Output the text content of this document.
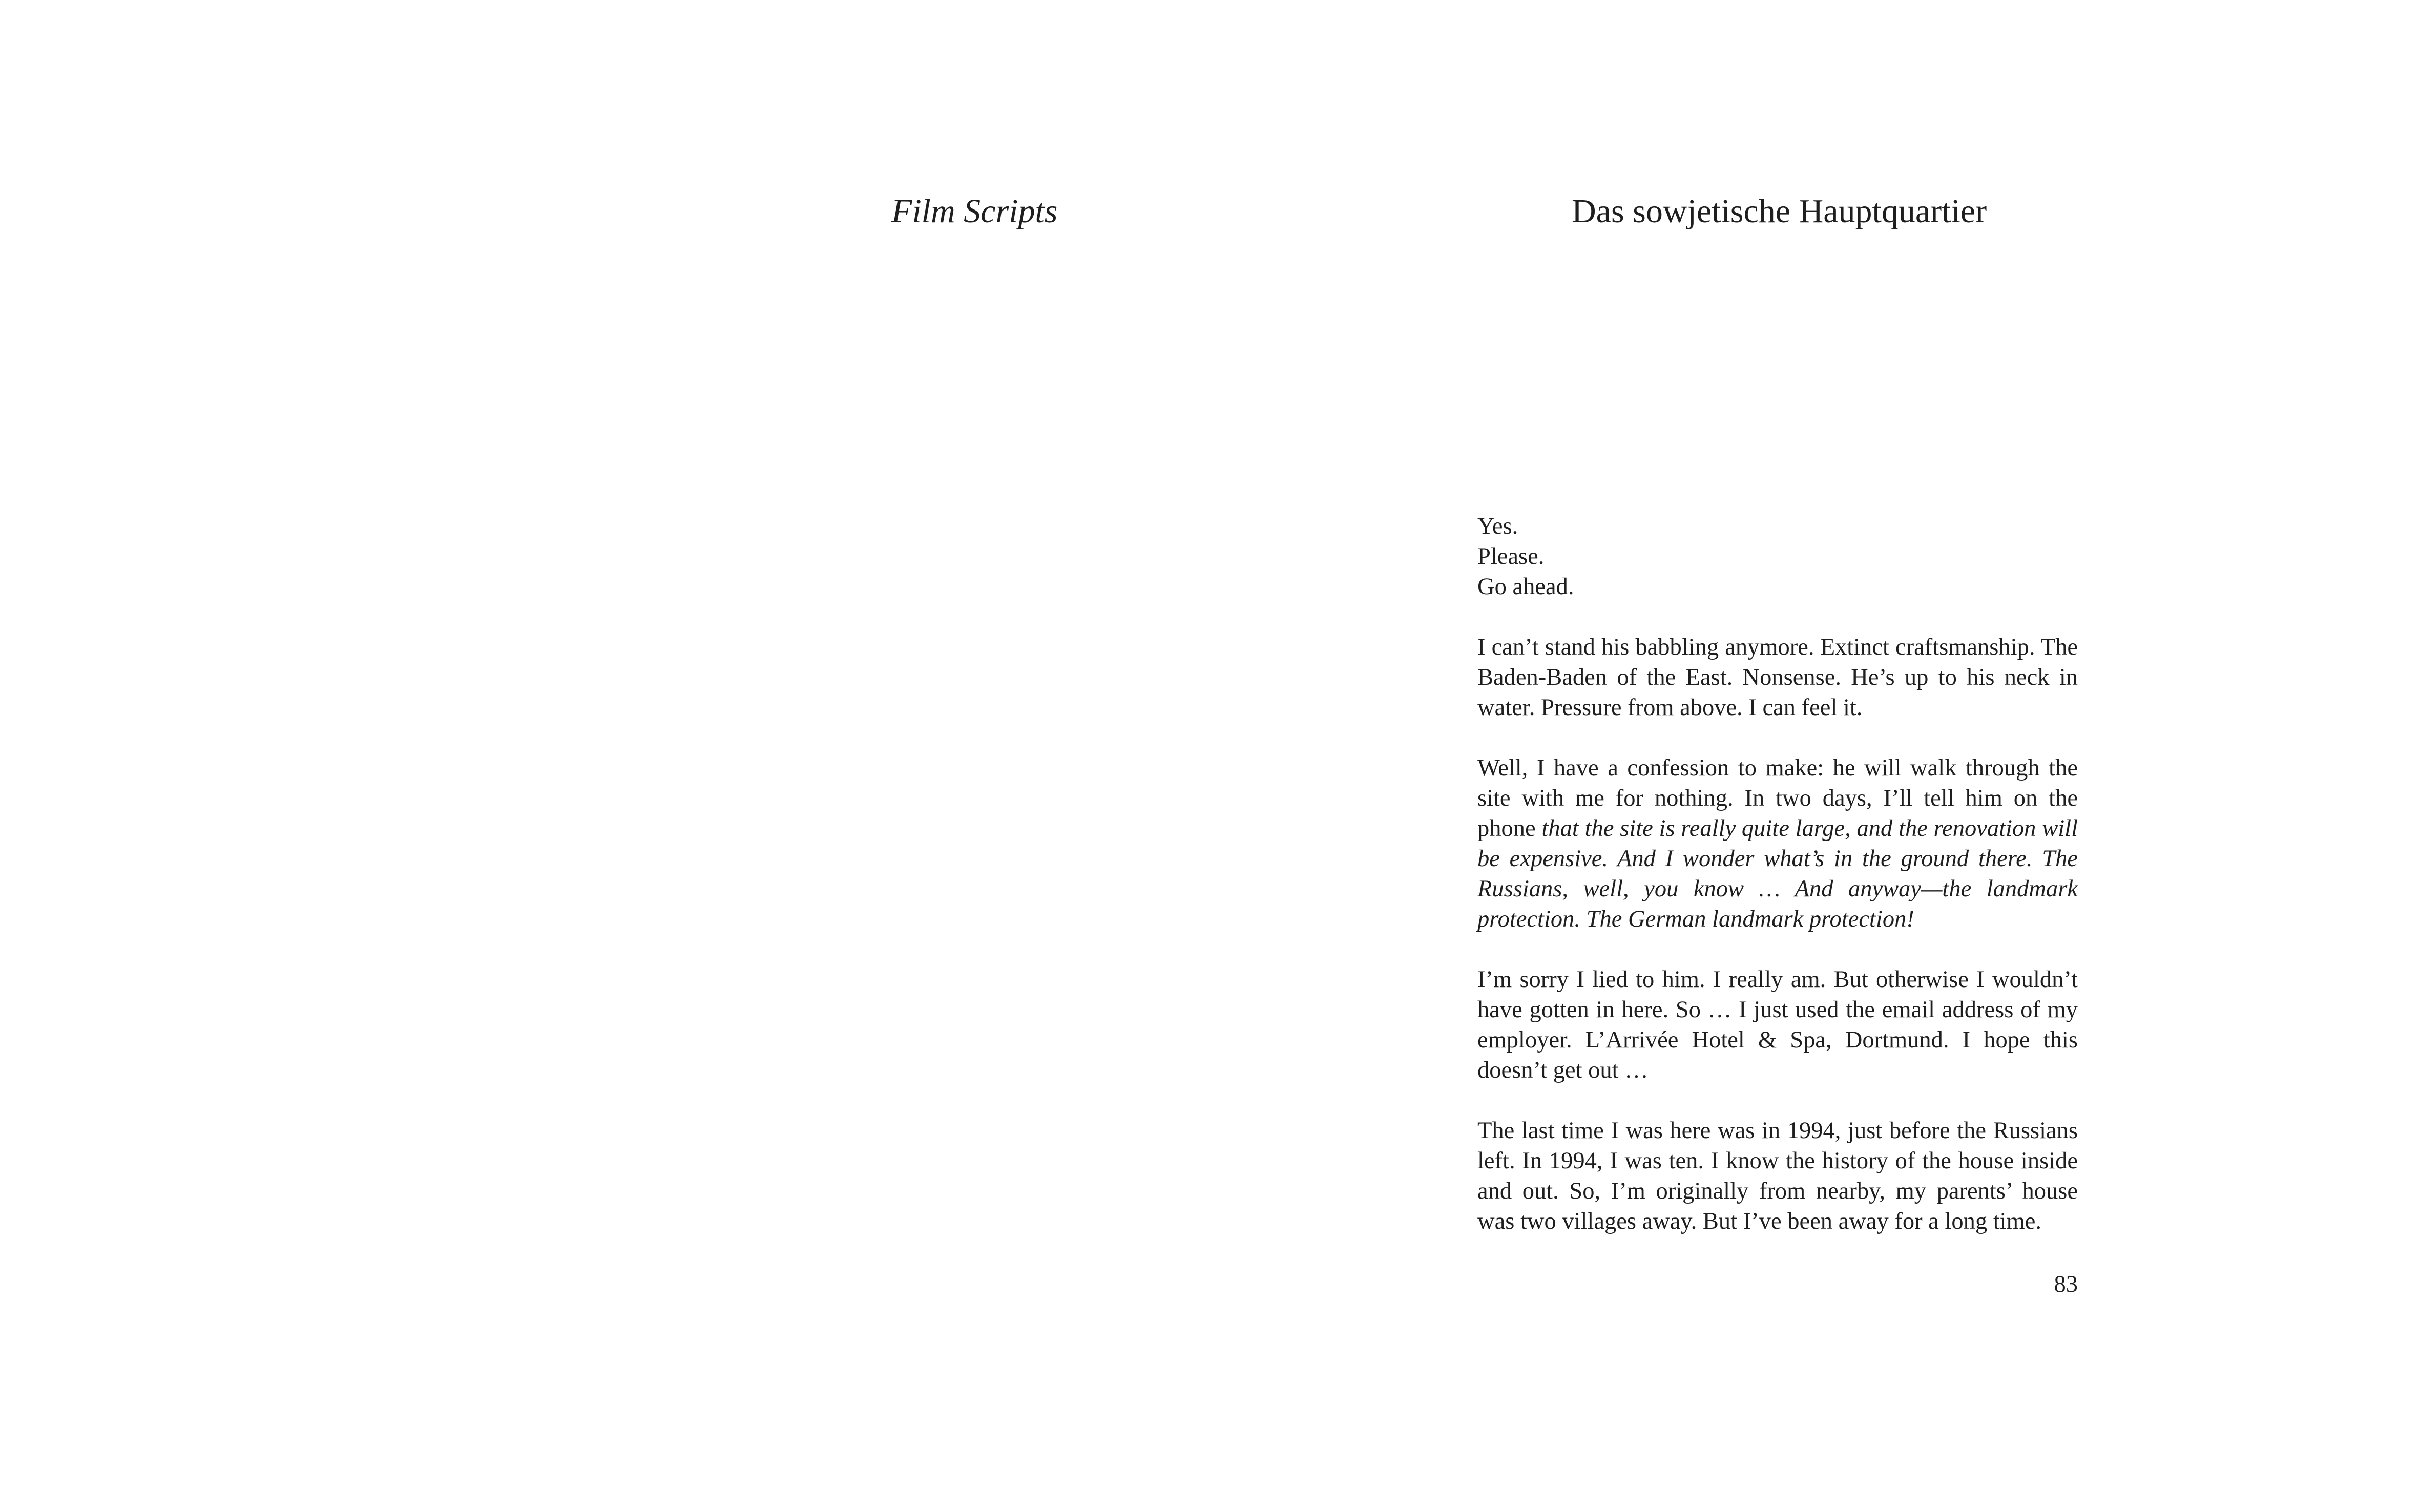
Film Scripts	Das sowjetische Hauptquartier
Yes.
Please.
Go ahead.

I can’t stand his babbling anymore. Extinct craftsmanship. The Baden-Baden of the East. Nonsense. He’s up to his neck in water. Pressure from above. I can feel it.

Well, I have a confession to make: he will walk through the site with me for nothing. In two days, I’ll tell him on the phone that the site is really quite large, and the renovation will be expensive. And I wonder what’s in the ground there. The Russians, well, you know … And anyway—the landmark protection. The German landmark protection!

I’m sorry I lied to him. I really am. But otherwise I wouldn’t have gotten in here. So … I just used the email address of my employer. L’Arrivée Hotel & Spa, Dortmund. I hope this doesn’t get out …

The last time I was here was in 1994, just before the Russians left. In 1994, I was ten. I know the history of the house inside and out. So, I’m originally from nearby, my parents’ house was two villages away. But I’ve been away for a long time.

83
